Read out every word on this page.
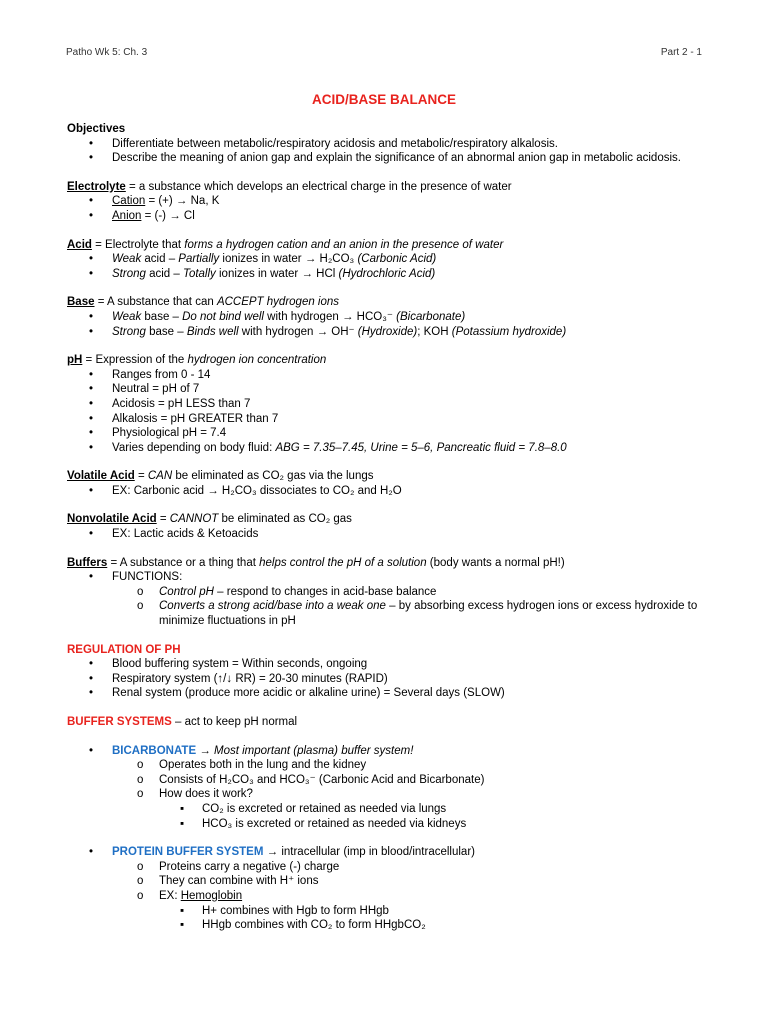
Patho Wk 5: Ch. 3	Part 2 - 1
ACID/BASE BALANCE
Objectives
• Differentiate between metabolic/respiratory acidosis and metabolic/respiratory alkalosis.
• Describe the meaning of anion gap and explain the significance of an abnormal anion gap in metabolic acidosis.
Electrolyte = a substance which develops an electrical charge in the presence of water
• Cation = (+) → Na, K
• Anion = (-) → Cl
Acid = Electrolyte that forms a hydrogen cation and an anion in the presence of water
• Weak acid – Partially ionizes in water → H₂CO₃ (Carbonic Acid)
• Strong acid – Totally ionizes in water → HCl (Hydrochloric Acid)
Base = A substance that can ACCEPT hydrogen ions
• Weak base – Do not bind well with hydrogen → HCO₃⁻ (Bicarbonate)
• Strong base – Binds well with hydrogen → OH⁻ (Hydroxide); KOH (Potassium hydroxide)
pH = Expression of the hydrogen ion concentration
• Ranges from 0 - 14
• Neutral = pH of 7
• Acidosis = pH LESS than 7
• Alkalosis = pH GREATER than 7
• Physiological pH = 7.4
• Varies depending on body fluid: ABG = 7.35–7.45, Urine = 5–6, Pancreatic fluid = 7.8–8.0
Volatile Acid = CAN be eliminated as CO₂ gas via the lungs
• EX: Carbonic acid → H₂CO₃ dissociates to CO₂ and H₂O
Nonvolatile Acid = CANNOT be eliminated as CO₂ gas
• EX: Lactic acids & Ketoacids
Buffers = A substance or a thing that helps control the pH of a solution (body wants a normal pH!)
• FUNCTIONS:
o Control pH – respond to changes in acid-base balance
o Converts a strong acid/base into a weak one – by absorbing excess hydrogen ions or excess hydroxide to minimize fluctuations in pH
REGULATION OF PH
• Blood buffering system = Within seconds, ongoing
• Respiratory system (↑/↓ RR) = 20-30 minutes (RAPID)
• Renal system (produce more acidic or alkaline urine) = Several days (SLOW)
BUFFER SYSTEMS – act to keep pH normal
• BICARBONATE → Most important (plasma) buffer system!
o Operates both in the lung and the kidney
o Consists of H₂CO₃ and HCO₃⁻ (Carbonic Acid and Bicarbonate)
o How does it work?
▪ CO₂ is excreted or retained as needed via lungs
▪ HCO₃ is excreted or retained as needed via kidneys
• PROTEIN BUFFER SYSTEM → intracellular (imp in blood/intracellular)
o Proteins carry a negative (-) charge
o They can combine with H⁺ ions
o EX: Hemoglobin
▪ H+ combines with Hgb to form HHgb
▪ HHgb combines with CO₂ to form HHgbCO₂
